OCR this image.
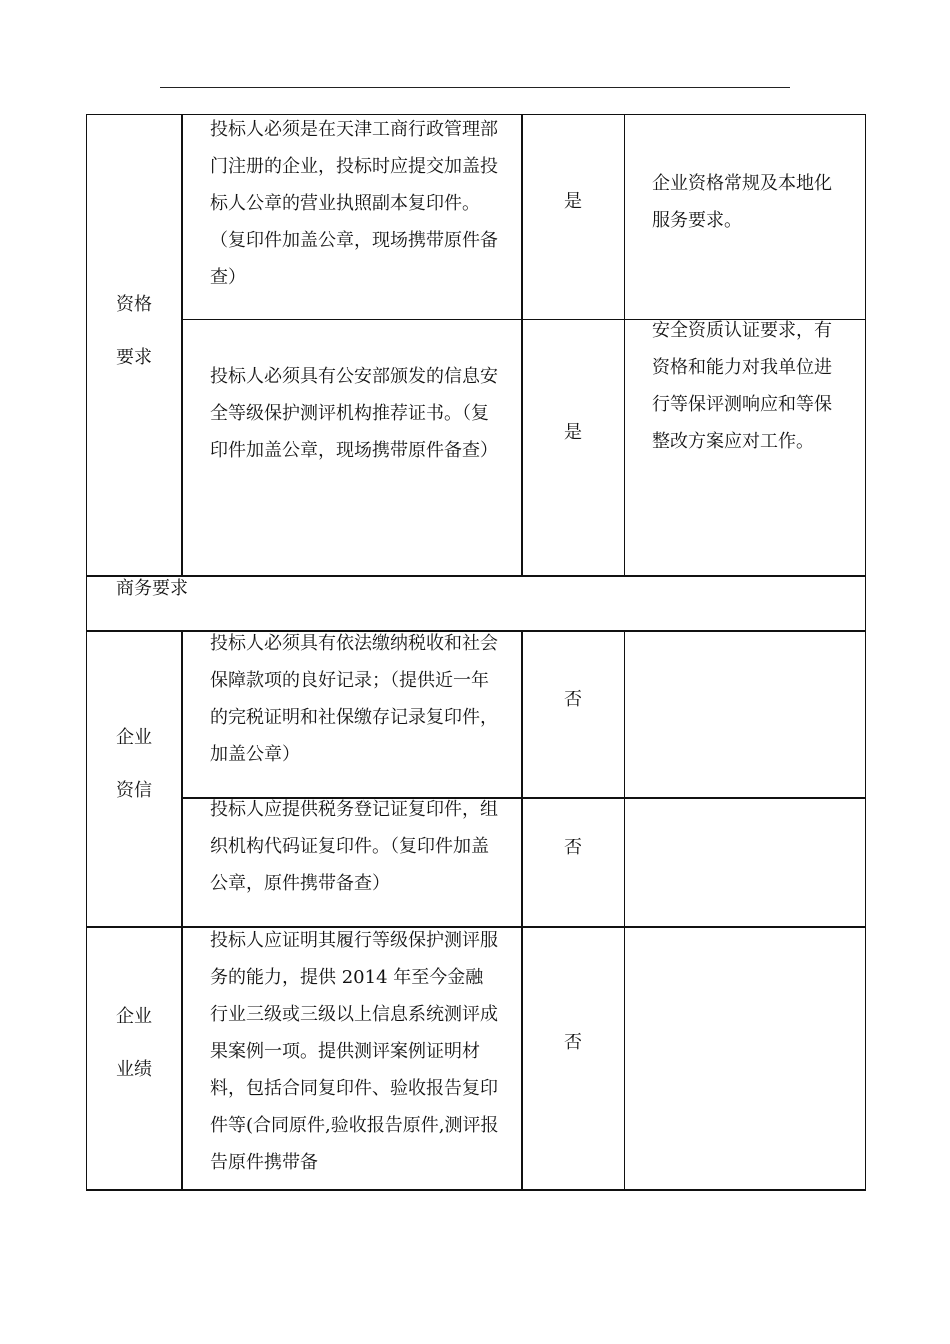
资格
要求
投标人必须是在天津工商行政管理部门注册的企业，投标时应提交加盖投标人公章的营业执照副本复印件。（复印件加盖公章，现场携带原件备查）
是
企业资格常规及本地化服务要求。
投标人必须具有公安部颁发的信息安全等级保护测评机构推荐证书。（复印件加盖公章，现场携带原件备查）
是
安全资质认证要求，有资格和能力对我单位进行等保评测响应和等保整改方案应对工作。
商务要求
企业
资信
投标人必须具有依法缴纳税收和社会保障款项的良好记录；（提供近一年的完税证明和社保缴存记录复印件，加盖公章）
否
投标人应提供税务登记证复印件，组织机构代码证复印件。（复印件加盖公章，原件携带备查）
否
企业
业绩
投标人应证明其履行等级保护测评服务的能力，提供 2014 年至今金融行业三级或三级以上信息系统测评成果案例一项。提供测评案例证明材料，包括合同复印件、验收报告复印件等(合同原件,验收报告原件,测评报告原件携带备
否
